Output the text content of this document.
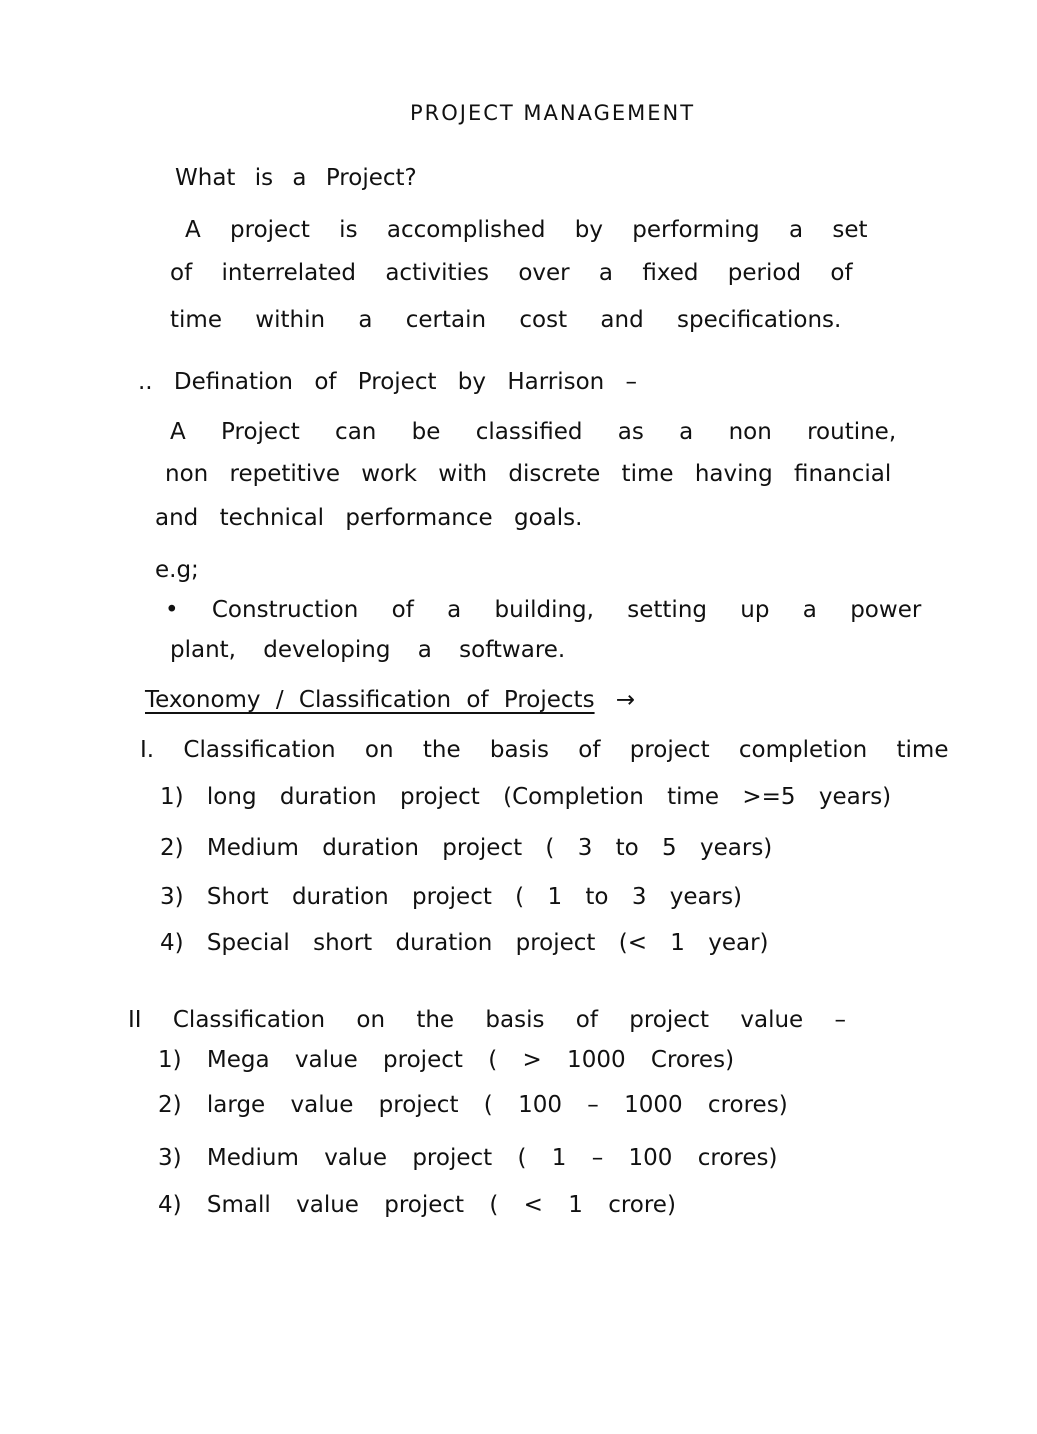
PROJECT MANAGEMENT
What is a Project?
A project is accomplished by performing a set
of interrelated activities over a fixed period of
time within a certain cost and specifications.
.. Defination of Project by Harrison –
A Project can be classified as a non routine,
non repetitive work with discrete time having financial
and technical performance goals.
e.g;
• Construction of a building, setting up a power
plant, developing a software.
Texonomy / Classification of Projects →
I. Classification on the basis of project completion time
1) long duration project (Completion time >=5 years)
2) Medium duration project ( 3 to 5 years)
3) Short duration project ( 1 to 3 years)
4) Special short duration project (< 1 year)
II Classification on the basis of project value –
1) Mega value project ( > 1000 Crores)
2) large value project ( 100 – 1000 crores)
3) Medium value project ( 1 – 100 crores)
4) Small value project ( < 1 crore)
